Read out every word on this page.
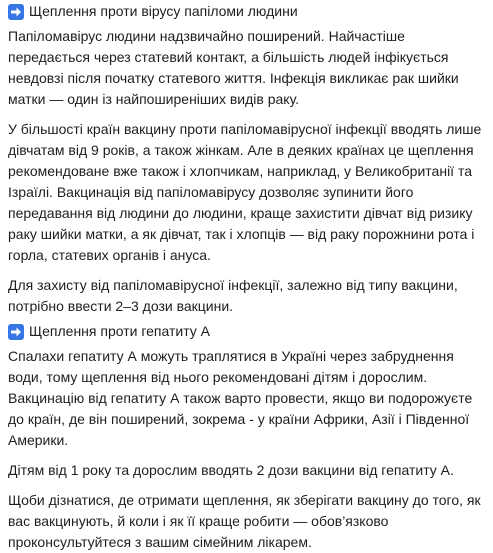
Щеплення проти вірусу папіломи людини

Папіломавірус людини надзвичайно поширений. Найчастіше
передається через статевий контакт, а більшість людей інфікується
невдовзі після початку статевого життя. Інфекція викликає рак шийки
матки — один із найпоширеніших видів раку.

У більшості країн вакцину проти папіломавірусної інфекції вводять лише
дівчатам від 9 років, а також жінкам. Але в деяких країнах це щеплення
рекомендоване вже також і хлопчикам, наприклад, у Великобританії та
Ізраїлі. Вакцинація від папіломавірусу дозволяє зупинити його
передавання від людини до людини, краще захистити дівчат від ризику
раку шийки матки, а як дівчат, так і хлопців — від раку порожнини рота і
горла, статевих органів і ануса.

Для захисту від папіломавірусної інфекції, залежно від типу вакцини,
потрібно ввести 2–3 дози вакцини.

Щеплення проти гепатиту А

Спалахи гепатиту А можуть траплятися в Україні через забруднення
води, тому щеплення від нього рекомендовані дітям і дорослим.
Вакцинацію від гепатиту А також варто провести, якщо ви подорожуєте
до країн, де він поширений, зокрема - у країни Африки, Азії і Південної
Америки.

Дітям від 1 року та дорослим вводять 2 дози вакцини від гепатиту А.

Щоби дізнатися, де отримати щеплення, як зберігати вакцину до того, як
вас вакцинують, й коли і як її краще робити — обов’язково
проконсультуйтеся з вашим сімейним лікарем.
